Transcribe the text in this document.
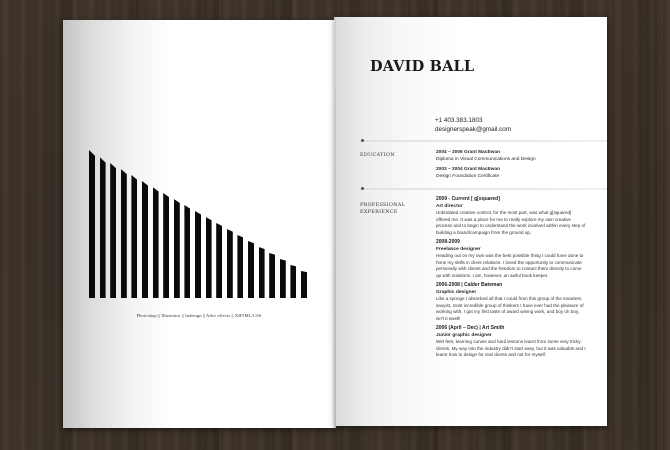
Photoshop || Illustrator || Indesign || After effects || XHTML/CSS
DAVID BALL
+1 403.383.1803
designerspeak@gmail.com
EDUCATION	2004 – 2006 Grant MacEwan
Diploma in Visual Communications and Design
2003 – 2004 Grant MacEwan
Design Foundation Certificate
PROFESSIONAL
EXPERIENCE
2009 - Current [ g[squared]
Art director
Unbridaled creative control, for the most part, was what g[squared] offered me. It was a place for me to really explore my own creative process and to begin to understand the work involved within every step of building a brand/campaign from the ground up.
2008-2009
Freelance designer
Heading out on my own was the best possible thing I could have done to hone my skills in client relations. I loved the opportunity to communicate personally with clients and the freedom to contact them directly to come up with solutions. I am, however, an awful book keeper.
2006-2008 | Calder Bateman
Graphic designer
Like a sponge I absorbed all that I could from this group of the smartest, savyist, most incredible group of thinkers I have ever had the pleasure of working with. I got my first taste of award wining work, and boy oh boy, isn't it swell!
2006 (April – Dec) | Art Smith
Junior graphic designer
Wet feet, learning curves and hard lessons learnt from some very tricky clients. My way into the industry didn't start easy, but it was valuable and I learnt how to design for real clients and not for myself.
